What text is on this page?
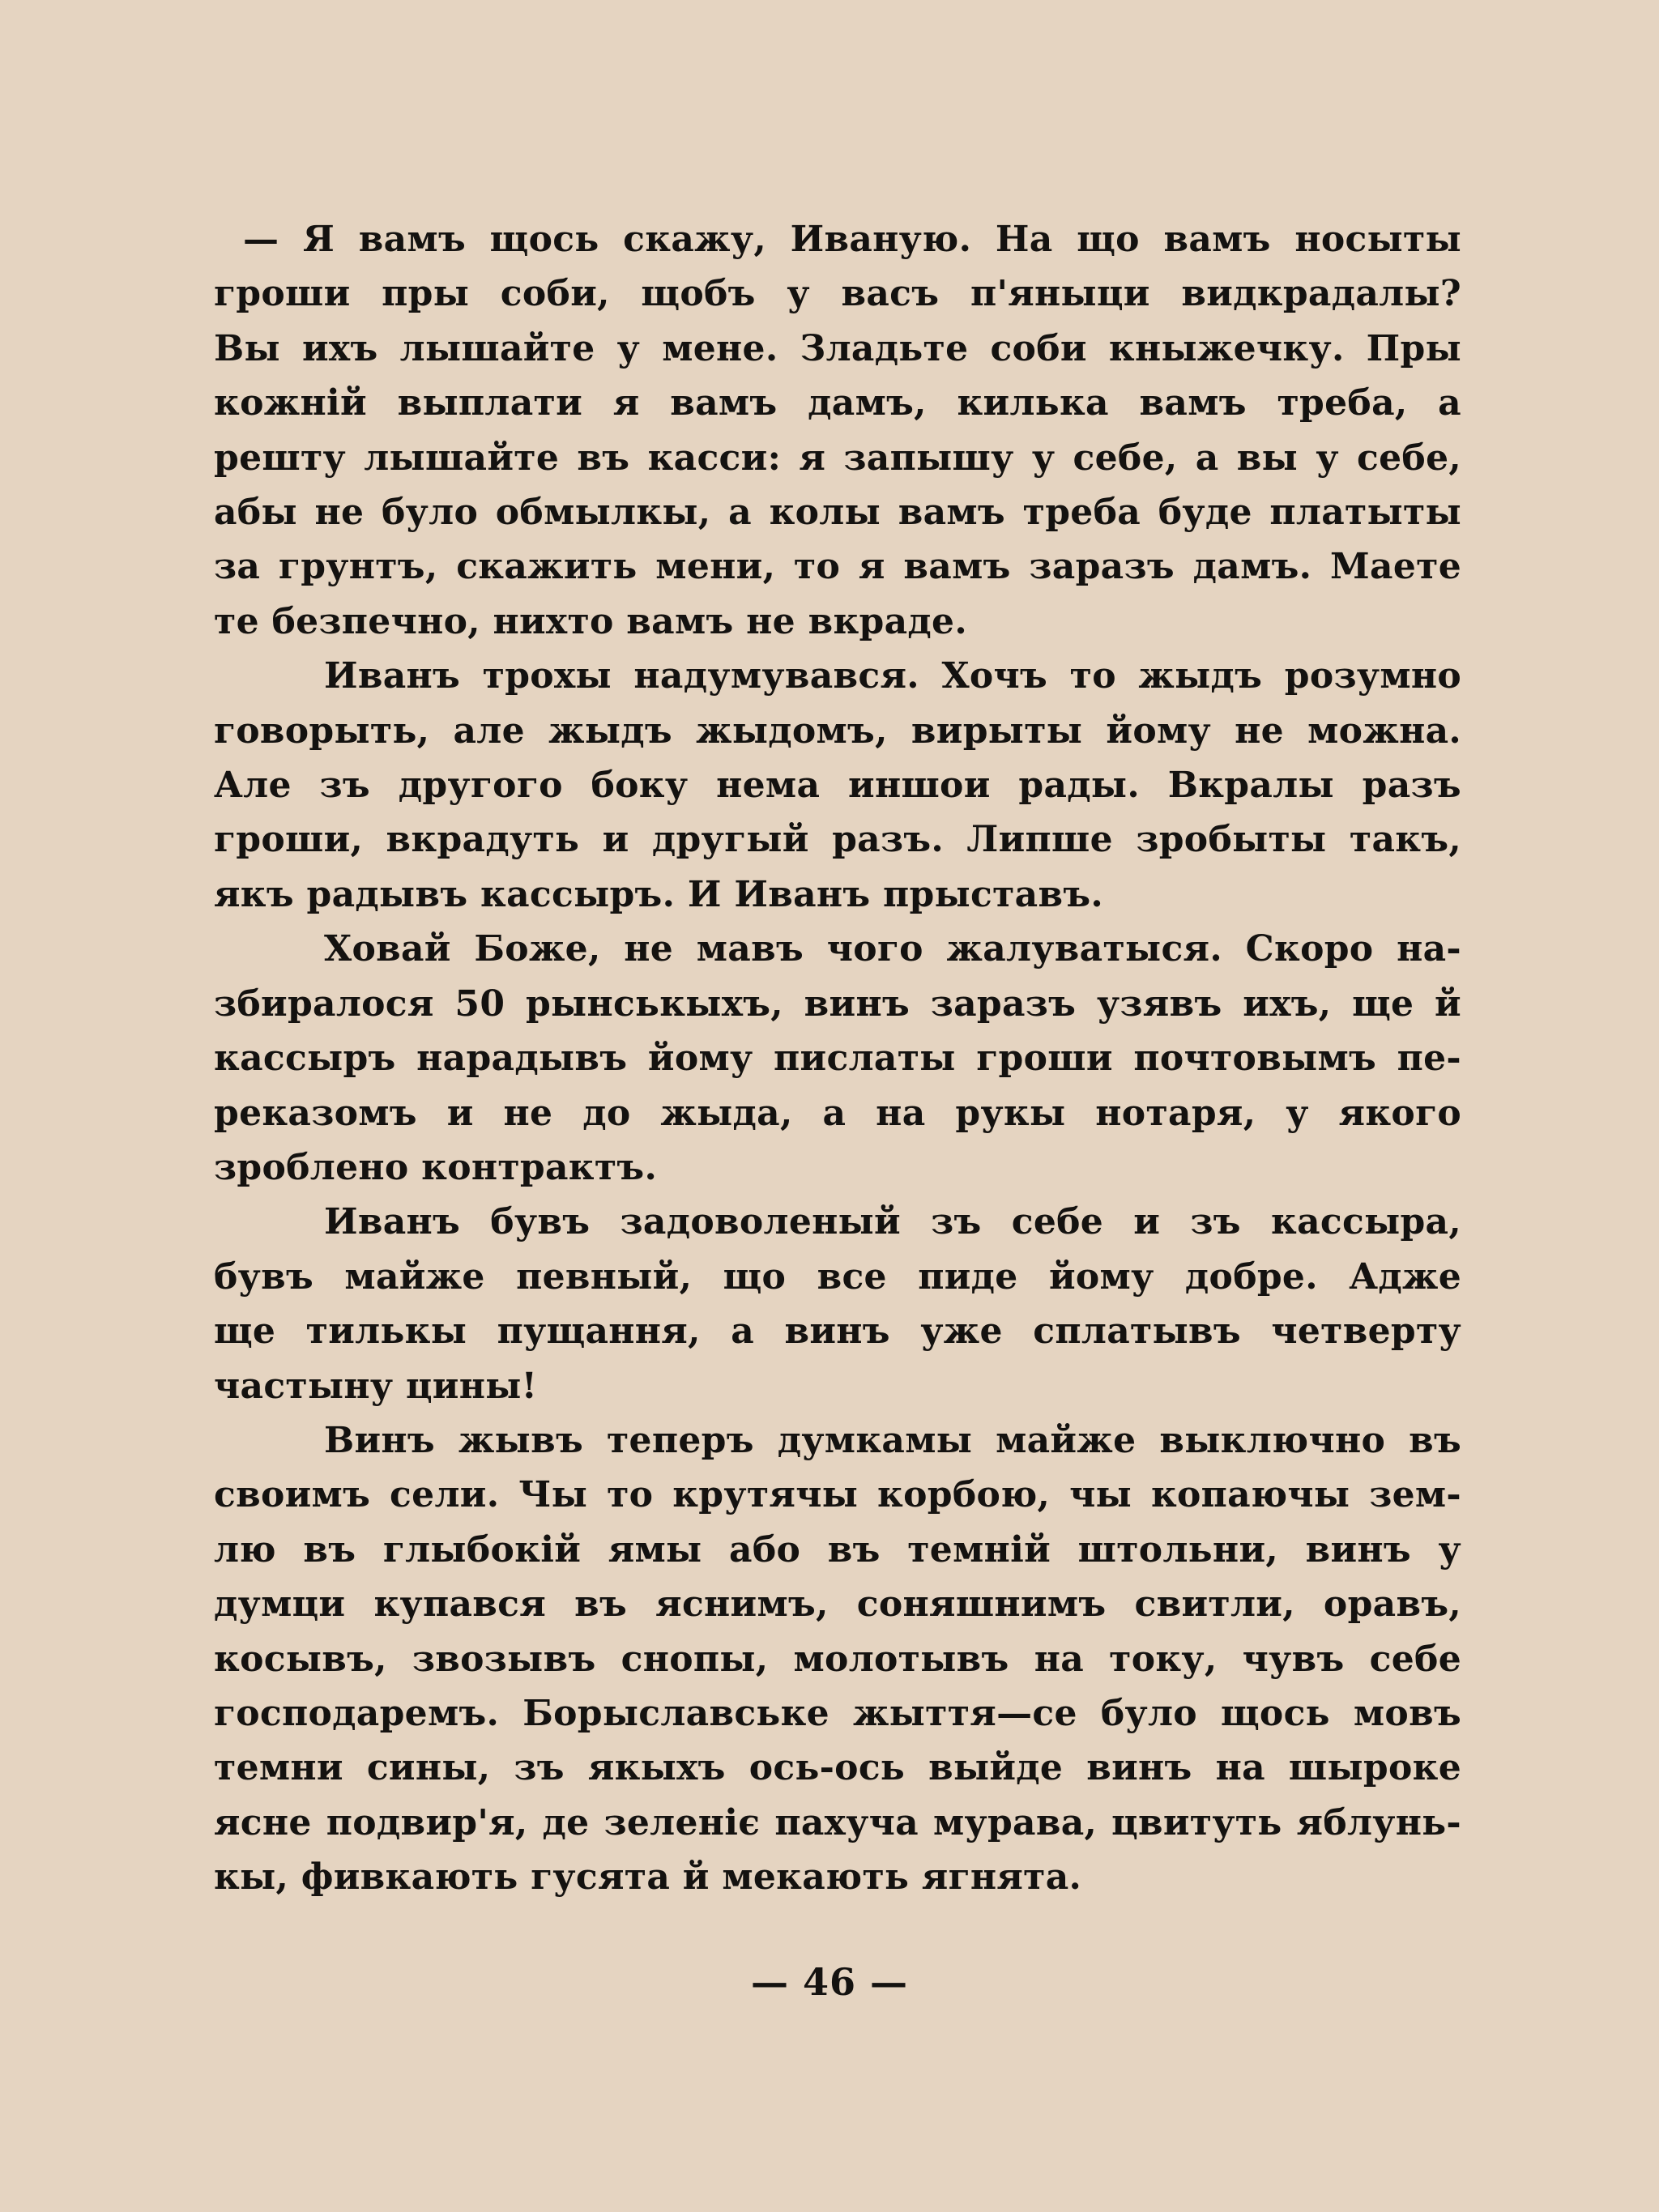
— Я вамъ щось скажу, Иваную. На що вамъ носыты
гроши пры соби, щобъ у васъ п'яныци видкрадалы?
Вы ихъ лышайте у мене. Зладьте соби кныжечку. Пры
кожній выплати я вамъ дамъ, килька вамъ треба, а
решту лышайте въ касси: я запышу у себе, а вы у себе,
абы не було обмылкы, а колы вамъ треба буде платыты
за грунтъ, скажить мени, то я вамъ заразъ дамъ. Маете
те безпечно, нихто вамъ не вкраде.

Иванъ трохы надумувався. Хочъ то жыдъ розумно
говорыть, але жыдъ жыдомъ, вирыты йому не можна.
Але зъ другого боку нема иншои рады. Вкралы разъ
гроши, вкрадуть и другый разъ. Липше зробыты такъ,
якъ радывъ кассыръ. И Иванъ прыставъ.

Ховай Боже, не мавъ чого жалуватыся. Скоро на-
збиралося 50 рынськыхъ, винъ заразъ узявъ ихъ, ще й
кассыръ нарадывъ йому пислаты гроши почтовымъ пе-
реказомъ и не до жыда, а на рукы нотаря, у якого
зроблено контрактъ.

Иванъ бувъ задоволеный зъ себе и зъ кассыра,
бувъ майже певный, що все пиде йому добре. Адже
ще тилькы пущання, а винъ уже сплатывъ четверту
частыну цины!

Винъ жывъ теперъ думкамы майже выключно въ
своимъ сели. Чы то крутячы корбою, чы копаючы зем-
лю въ глыбокій ямы або въ темній штольни, винъ у
думци купався въ яснимъ, соняшнимъ свитли, оравъ,
косывъ, звозывъ снопы, молотывъ на току, чувъ себе
господаремъ. Борыславське жыття—се було щось мовъ
темни сины, зъ якыхъ ось-ось выйде винъ на шыроке
ясне подвир'я, де зеленіє пахуча мурава, цвитуть яблунь-
кы, фивкають гусята й мекають ягнята.

— 46 —
